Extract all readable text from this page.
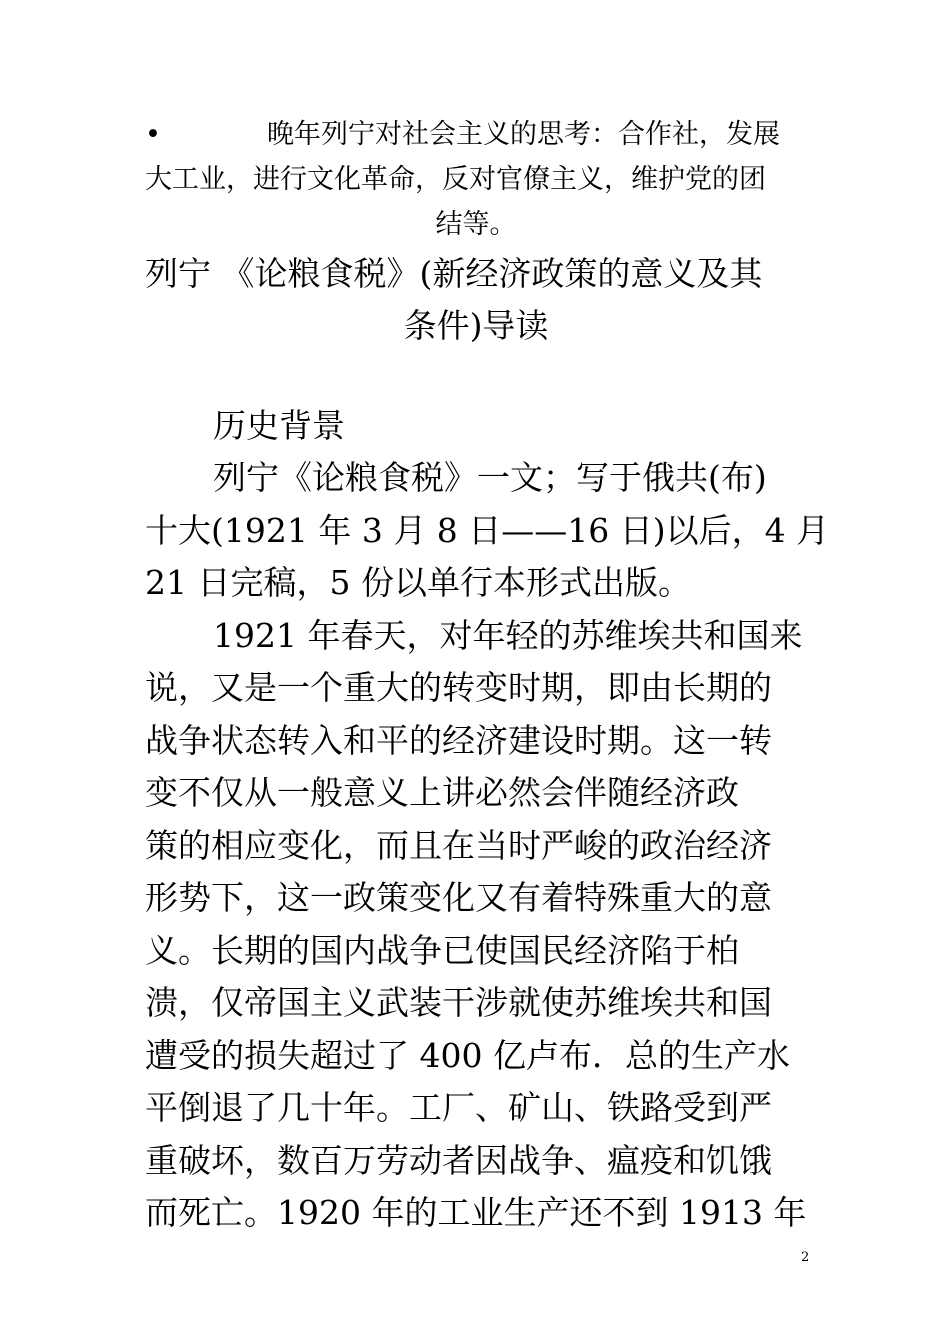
•	晚年列宁对社会主义的思考：合作社，发展
大工业，进行文化革命，反对官僚主义，维护党的团
结等。
列宁 《论粮食税》(新经济政策的意义及其
条件)导读
历史背景
列宁《论粮食税》一文；写于俄共(布)
十大(1921 年 3 月 8 日——16 日)以后，4 月
21 日完稿，5 份以单行本形式出版。
1921 年春天，对年轻的苏维埃共和国来
说，又是一个重大的转变时期，即由长期的
战争状态转入和平的经济建设时期。这一转
变不仅从一般意义上讲必然会伴随经济政
策的相应变化，而且在当时严峻的政治经济
形势下，这一政策变化又有着特殊重大的意
义。长期的国内战争已使国民经济陷于柏
溃，仅帝国主义武装干涉就使苏维埃共和国
遭受的损失超过了 400 亿卢布．总的生产水
平倒退了几十年。工厂、矿山、铁路受到严
重破坏，数百万劳动者因战争、瘟疫和饥饿
而死亡。1920 年的工业生产还不到 1913 年
2
